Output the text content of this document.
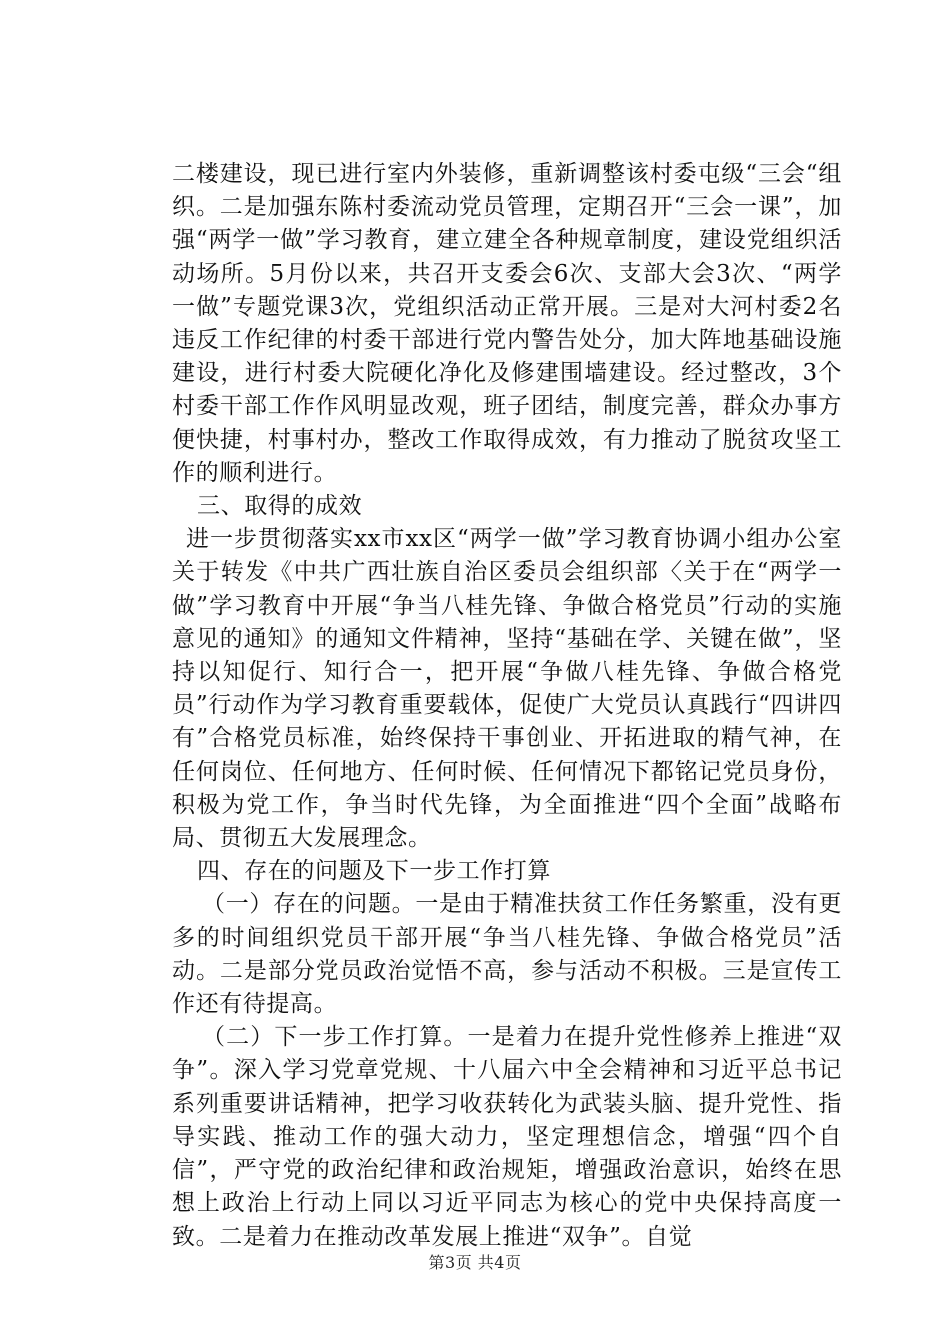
二楼建设，现已进行室内外装修，重新调整该村委屯级“三会“组织。二是加强东陈村委流动党员管理，定期召开“三会一课”，加强“两学一做”学习教育，建立建全各种规章制度，建设党组织活动场所。5月份以来，共召开支委会6次、支部大会3次、“两学一做”专题党课3次，党组织活动正常开展。三是对大河村委2名违反工作纪律的村委干部进行党内警告处分，加大阵地基础设施建设，进行村委大院硬化净化及修建围墙建设。经过整改，3个村委干部工作作风明显改观，班子团结，制度完善，群众办事方便快捷，村事村办，整改工作取得成效，有力推动了脱贫攻坚工作的顺利进行。

三、取得的成效

进一步贯彻落实xx市xx区“两学一做”学习教育协调小组办公室关于转发《中共广西壮族自治区委员会组织部〈关于在“两学一做”学习教育中开展“争当八桂先锋、争做合格党员”行动的实施意见的通知》的通知文件精神，坚持“基础在学、关键在做”，坚持以知促行、知行合一，把开展“争做八桂先锋、争做合格党员”行动作为学习教育重要载体，促使广大党员认真践行“四讲四有”合格党员标准，始终保持干事创业、开拓进取的精气神，在任何岗位、任何地方、任何时候、任何情况下都铭记党员身份，积极为党工作，争当时代先锋，为全面推进“四个全面”战略布局、贯彻五大发展理念。

四、存在的问题及下一步工作打算

（一）存在的问题。一是由于精准扶贫工作任务繁重，没有更多的时间组织党员干部开展“争当八桂先锋、争做合格党员”活动。二是部分党员政治觉悟不高，参与活动不积极。三是宣传工作还有待提高。

（二）下一步工作打算。一是着力在提升党性修养上推进“双争”。深入学习党章党规、十八届六中全会精神和习近平总书记系列重要讲话精神，把学习收获转化为武装头脑、提升党性、指导实践、推动工作的强大动力，坚定理想信念，增强“四个自信”，严守党的政治纪律和政治规矩，增强政治意识，始终在思想上政治上行动上同以习近平同志为核心的党中央保持高度一致。二是着力在推动改革发展上推进“双争”。自觉

第3页 共4页
